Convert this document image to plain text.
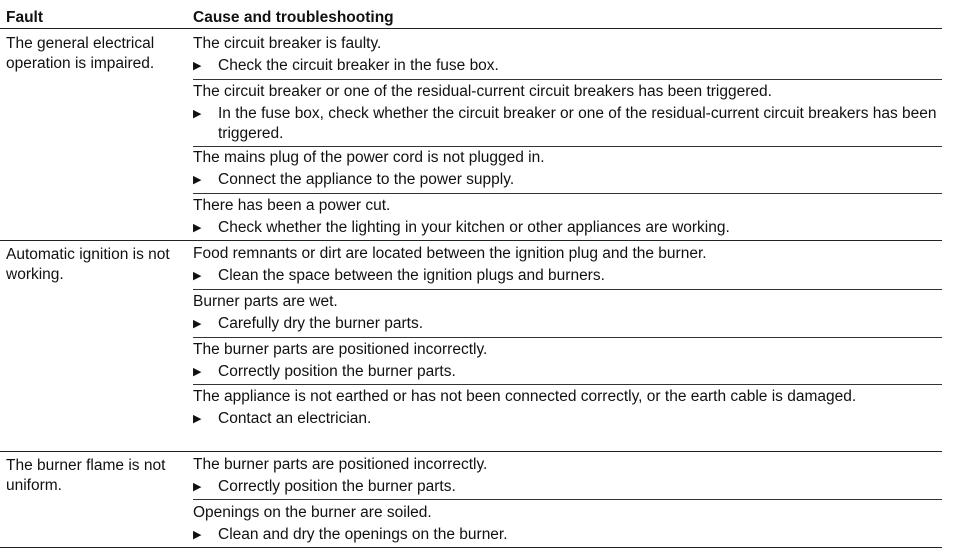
Fault	Cause and troubleshooting
The general electrical operation is impaired.
The circuit breaker is faulty.
▶ Check the circuit breaker in the fuse box.
The circuit breaker or one of the residual-current circuit breakers has been triggered.
▶ In the fuse box, check whether the circuit breaker or one of the residual-current circuit breakers has been triggered.
The mains plug of the power cord is not plugged in.
▶ Connect the appliance to the power supply.
There has been a power cut.
▶ Check whether the lighting in your kitchen or other appliances are working.
Automatic ignition is not working.
Food remnants or dirt are located between the ignition plug and the burner.
▶ Clean the space between the ignition plugs and burners.
Burner parts are wet.
▶ Carefully dry the burner parts.
The burner parts are positioned incorrectly.
▶ Correctly position the burner parts.
The appliance is not earthed or has not been connected correctly, or the earth cable is damaged.
▶ Contact an electrician.
The burner flame is not uniform.
The burner parts are positioned incorrectly.
▶ Correctly position the burner parts.
Openings on the burner are soiled.
▶ Clean and dry the openings on the burner.
